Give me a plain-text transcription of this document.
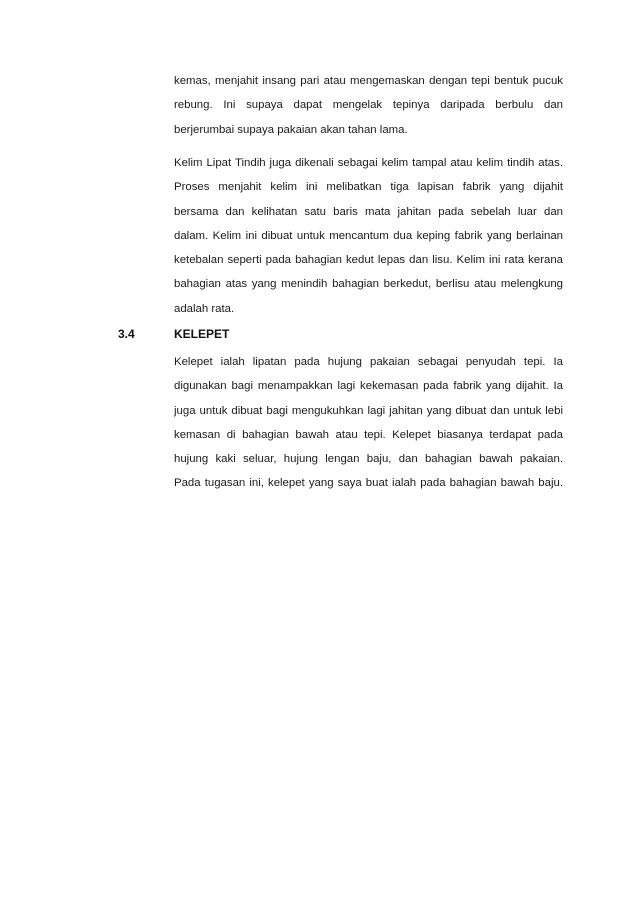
kemas, menjahit insang pari atau mengemaskan dengan tepi bentuk pucuk
rebung. Ini supaya dapat mengelak tepinya daripada berbulu dan
berjerumbai supaya pakaian akan tahan lama.
Kelim Lipat Tindih juga dikenali sebagai kelim tampal atau kelim tindih atas.
Proses menjahit kelim ini melibatkan tiga lapisan fabrik yang dijahit
bersama dan kelihatan satu baris mata jahitan pada sebelah luar dan
dalam. Kelim ini dibuat untuk mencantum dua keping fabrik yang berlainan
ketebalan seperti pada bahagian kedut lepas dan lisu. Kelim ini rata kerana
bahagian atas yang menindih bahagian berkedut, berlisu atau melengkung
adalah rata.
3.4	KELEPET
Kelepet ialah lipatan pada hujung pakaian sebagai penyudah tepi. Ia
digunakan bagi menampakkan lagi kekemasan pada fabrik yang dijahit. Ia
juga untuk dibuat bagi mengukuhkan lagi jahitan yang dibuat dan untuk lebi
kemasan di bahagian bawah atau tepi. Kelepet biasanya terdapat pada
hujung kaki seluar, hujung lengan baju, dan bahagian bawah pakaian.
Pada tugasan ini, kelepet yang saya buat ialah pada bahagian bawah baju.
